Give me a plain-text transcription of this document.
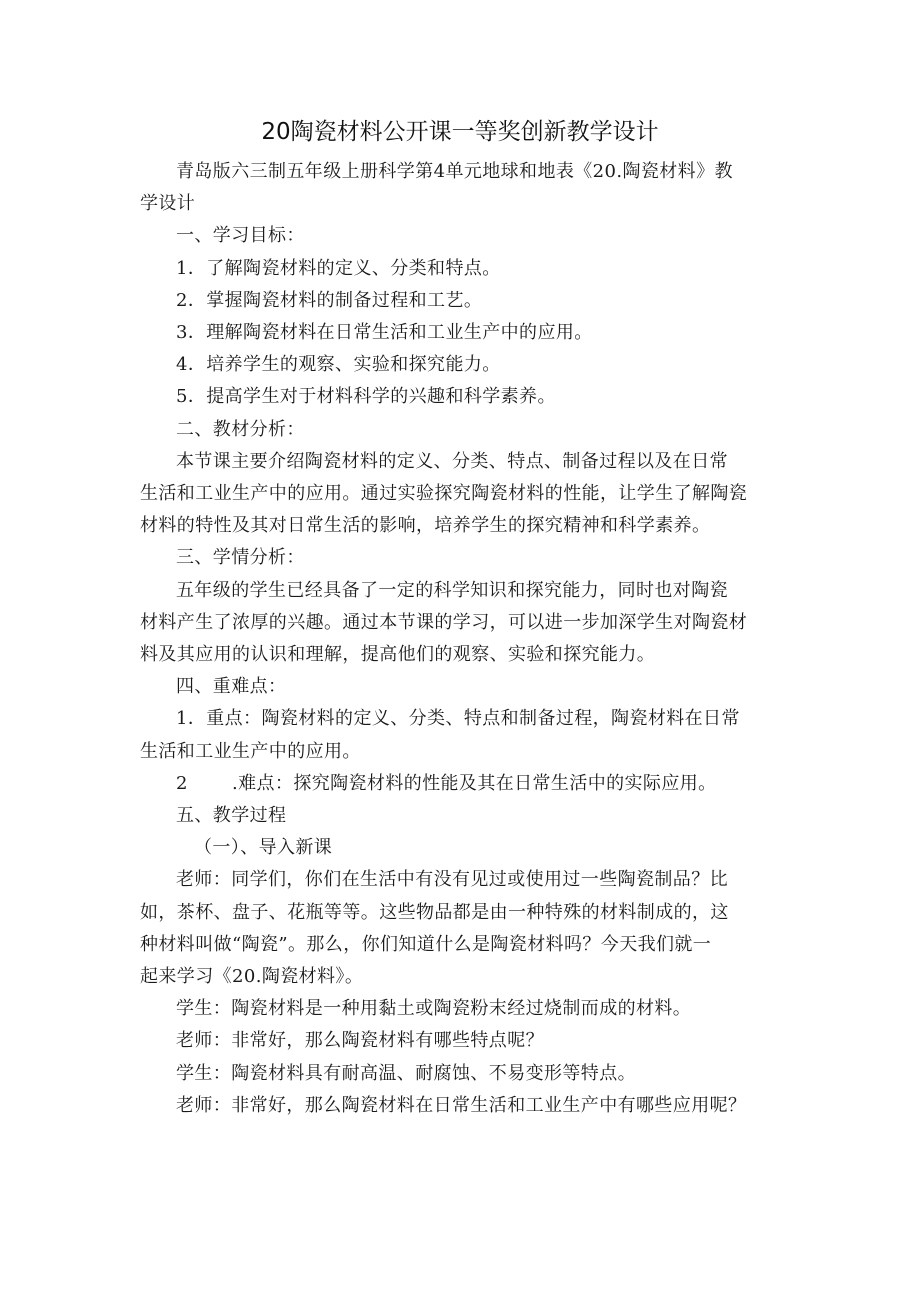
20陶瓷材料公开课一等奖创新教学设计

青岛版六三制五年级上册科学第4单元地球和地表《20.陶瓷材料》教

学设计

一、学习目标：

1．了解陶瓷材料的定义、分类和特点。

2．掌握陶瓷材料的制备过程和工艺。

3．理解陶瓷材料在日常生活和工业生产中的应用。

4．培养学生的观察、实验和探究能力。

5．提高学生对于材料科学的兴趣和科学素养。

二、教材分析：

本节课主要介绍陶瓷材料的定义、分类、特点、制备过程以及在日常

生活和工业生产中的应用。通过实验探究陶瓷材料的性能，让学生了解陶瓷

材料的特性及其对日常生活的影响，培养学生的探究精神和科学素养。

三、学情分析：

五年级的学生已经具备了一定的科学知识和探究能力，同时也对陶瓷

材料产生了浓厚的兴趣。通过本节课的学习，可以进一步加深学生对陶瓷材

料及其应用的认识和理解，提高他们的观察、实验和探究能力。

四、重难点：

1．重点：陶瓷材料的定义、分类、特点和制备过程，陶瓷材料在日常

生活和工业生产中的应用。

2 .难点：探究陶瓷材料的性能及其在日常生活中的实际应用。

五、教学过程

（一）、导入新课

老师：同学们，你们在生活中有没有见过或使用过一些陶瓷制品？比

如，茶杯、盘子、花瓶等等。这些物品都是由一种特殊的材料制成的，这

种材料叫做“陶瓷”。那么，你们知道什么是陶瓷材料吗？今天我们就一

起来学习《20.陶瓷材料》。

学生：陶瓷材料是一种用黏土或陶瓷粉末经过烧制而成的材料。

老师：非常好，那么陶瓷材料有哪些特点呢？

学生：陶瓷材料具有耐高温、耐腐蚀、不易变形等特点。

老师：非常好，那么陶瓷材料在日常生活和工业生产中有哪些应用呢？
